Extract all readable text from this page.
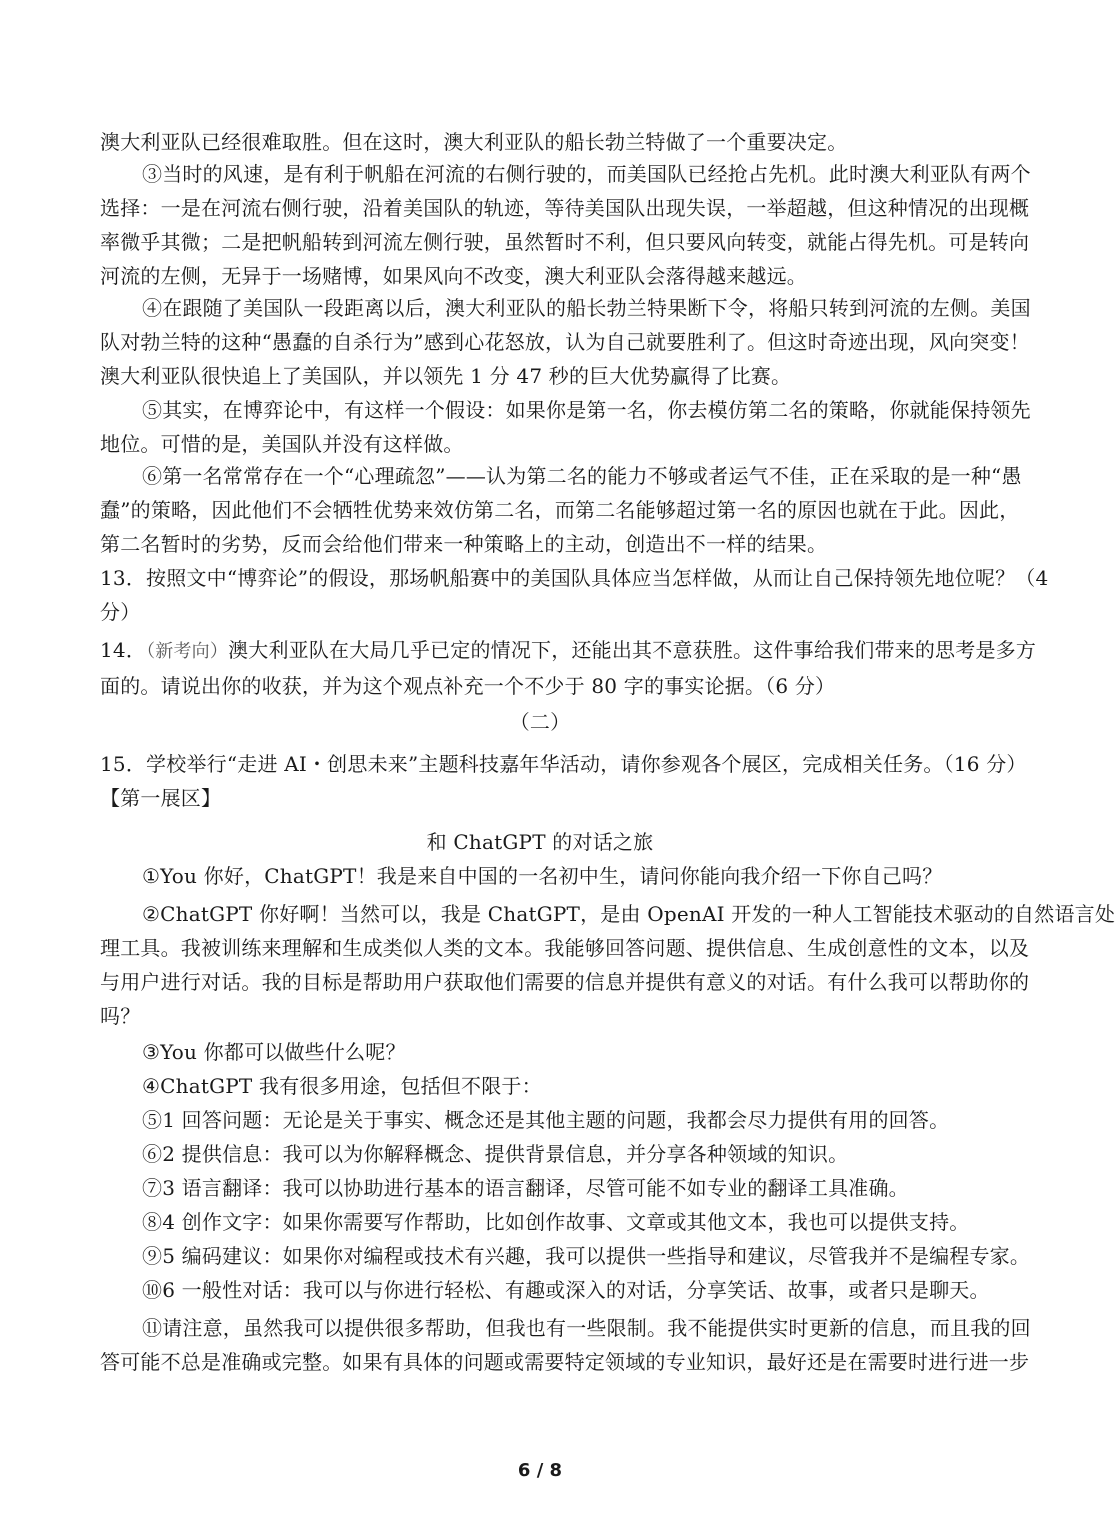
澳大利亚队已经很难取胜。但在这时，澳大利亚队的船长勃兰特做了一个重要决定。
③当时的风速，是有利于帆船在河流的右侧行驶的，而美国队已经抢占先机。此时澳大利亚队有两个
选择：一是在河流右侧行驶，沿着美国队的轨迹，等待美国队出现失误，一举超越，但这种情况的出现概
率微乎其微；二是把帆船转到河流左侧行驶，虽然暂时不利，但只要风向转变，就能占得先机。可是转向
河流的左侧，无异于一场赌博，如果风向不改变，澳大利亚队会落得越来越远。
④在跟随了美国队一段距离以后，澳大利亚队的船长勃兰特果断下令，将船只转到河流的左侧。美国
队对勃兰特的这种“愚蠢的自杀行为”感到心花怒放，认为自己就要胜利了。但这时奇迹出现，风向突变！
澳大利亚队很快追上了美国队，并以领先 1 分 47 秒的巨大优势赢得了比赛。
⑤其实，在博弈论中，有这样一个假设：如果你是第一名，你去模仿第二名的策略，你就能保持领先
地位。可惜的是，美国队并没有这样做。
⑥第一名常常存在一个“心理疏忽”——认为第二名的能力不够或者运气不佳，正在采取的是一种“愚
蠢”的策略，因此他们不会牺牲优势来效仿第二名，而第二名能够超过第一名的原因也就在于此。因此，
第二名暂时的劣势，反而会给他们带来一种策略上的主动，创造出不一样的结果。
13．按照文中“博弈论”的假设，那场帆船赛中的美国队具体应当怎样做，从而让自己保持领先地位呢？（4
分）
14．（新考向）澳大利亚队在大局几乎已定的情况下，还能出其不意获胜。这件事给我们带来的思考是多方
面的。请说出你的收获，并为这个观点补充一个不少于 80 字的事实论据。（6 分）
（二）
15．学校举行“走进 AI・创思未来”主题科技嘉年华活动，请你参观各个展区，完成相关任务。（16 分）
【第一展区】
和 ChatGPT 的对话之旅
①You 你好，ChatGPT！我是来自中国的一名初中生，请问你能向我介绍一下你自己吗？
②ChatGPT 你好啊！当然可以，我是 ChatGPT，是由 OpenAI 开发的一种人工智能技术驱动的自然语言处
理工具。我被训练来理解和生成类似人类的文本。我能够回答问题、提供信息、生成创意性的文本，以及
与用户进行对话。我的目标是帮助用户获取他们需要的信息并提供有意义的对话。有什么我可以帮助你的
吗？
③You 你都可以做些什么呢？
④ChatGPT 我有很多用途，包括但不限于：
⑤1 回答问题：无论是关于事实、概念还是其他主题的问题，我都会尽力提供有用的回答。
⑥2 提供信息：我可以为你解释概念、提供背景信息，并分享各种领域的知识。
⑦3 语言翻译：我可以协助进行基本的语言翻译，尽管可能不如专业的翻译工具准确。
⑧4 创作文字：如果你需要写作帮助，比如创作故事、文章或其他文本，我也可以提供支持。
⑨5 编码建议：如果你对编程或技术有兴趣，我可以提供一些指导和建议，尽管我并不是编程专家。
⑩6 一般性对话：我可以与你进行轻松、有趣或深入的对话，分享笑话、故事，或者只是聊天。
⑪请注意，虽然我可以提供很多帮助，但我也有一些限制。我不能提供实时更新的信息，而且我的回
答可能不总是准确或完整。如果有具体的问题或需要特定领域的专业知识，最好还是在需要时进行进一步
6 / 8
